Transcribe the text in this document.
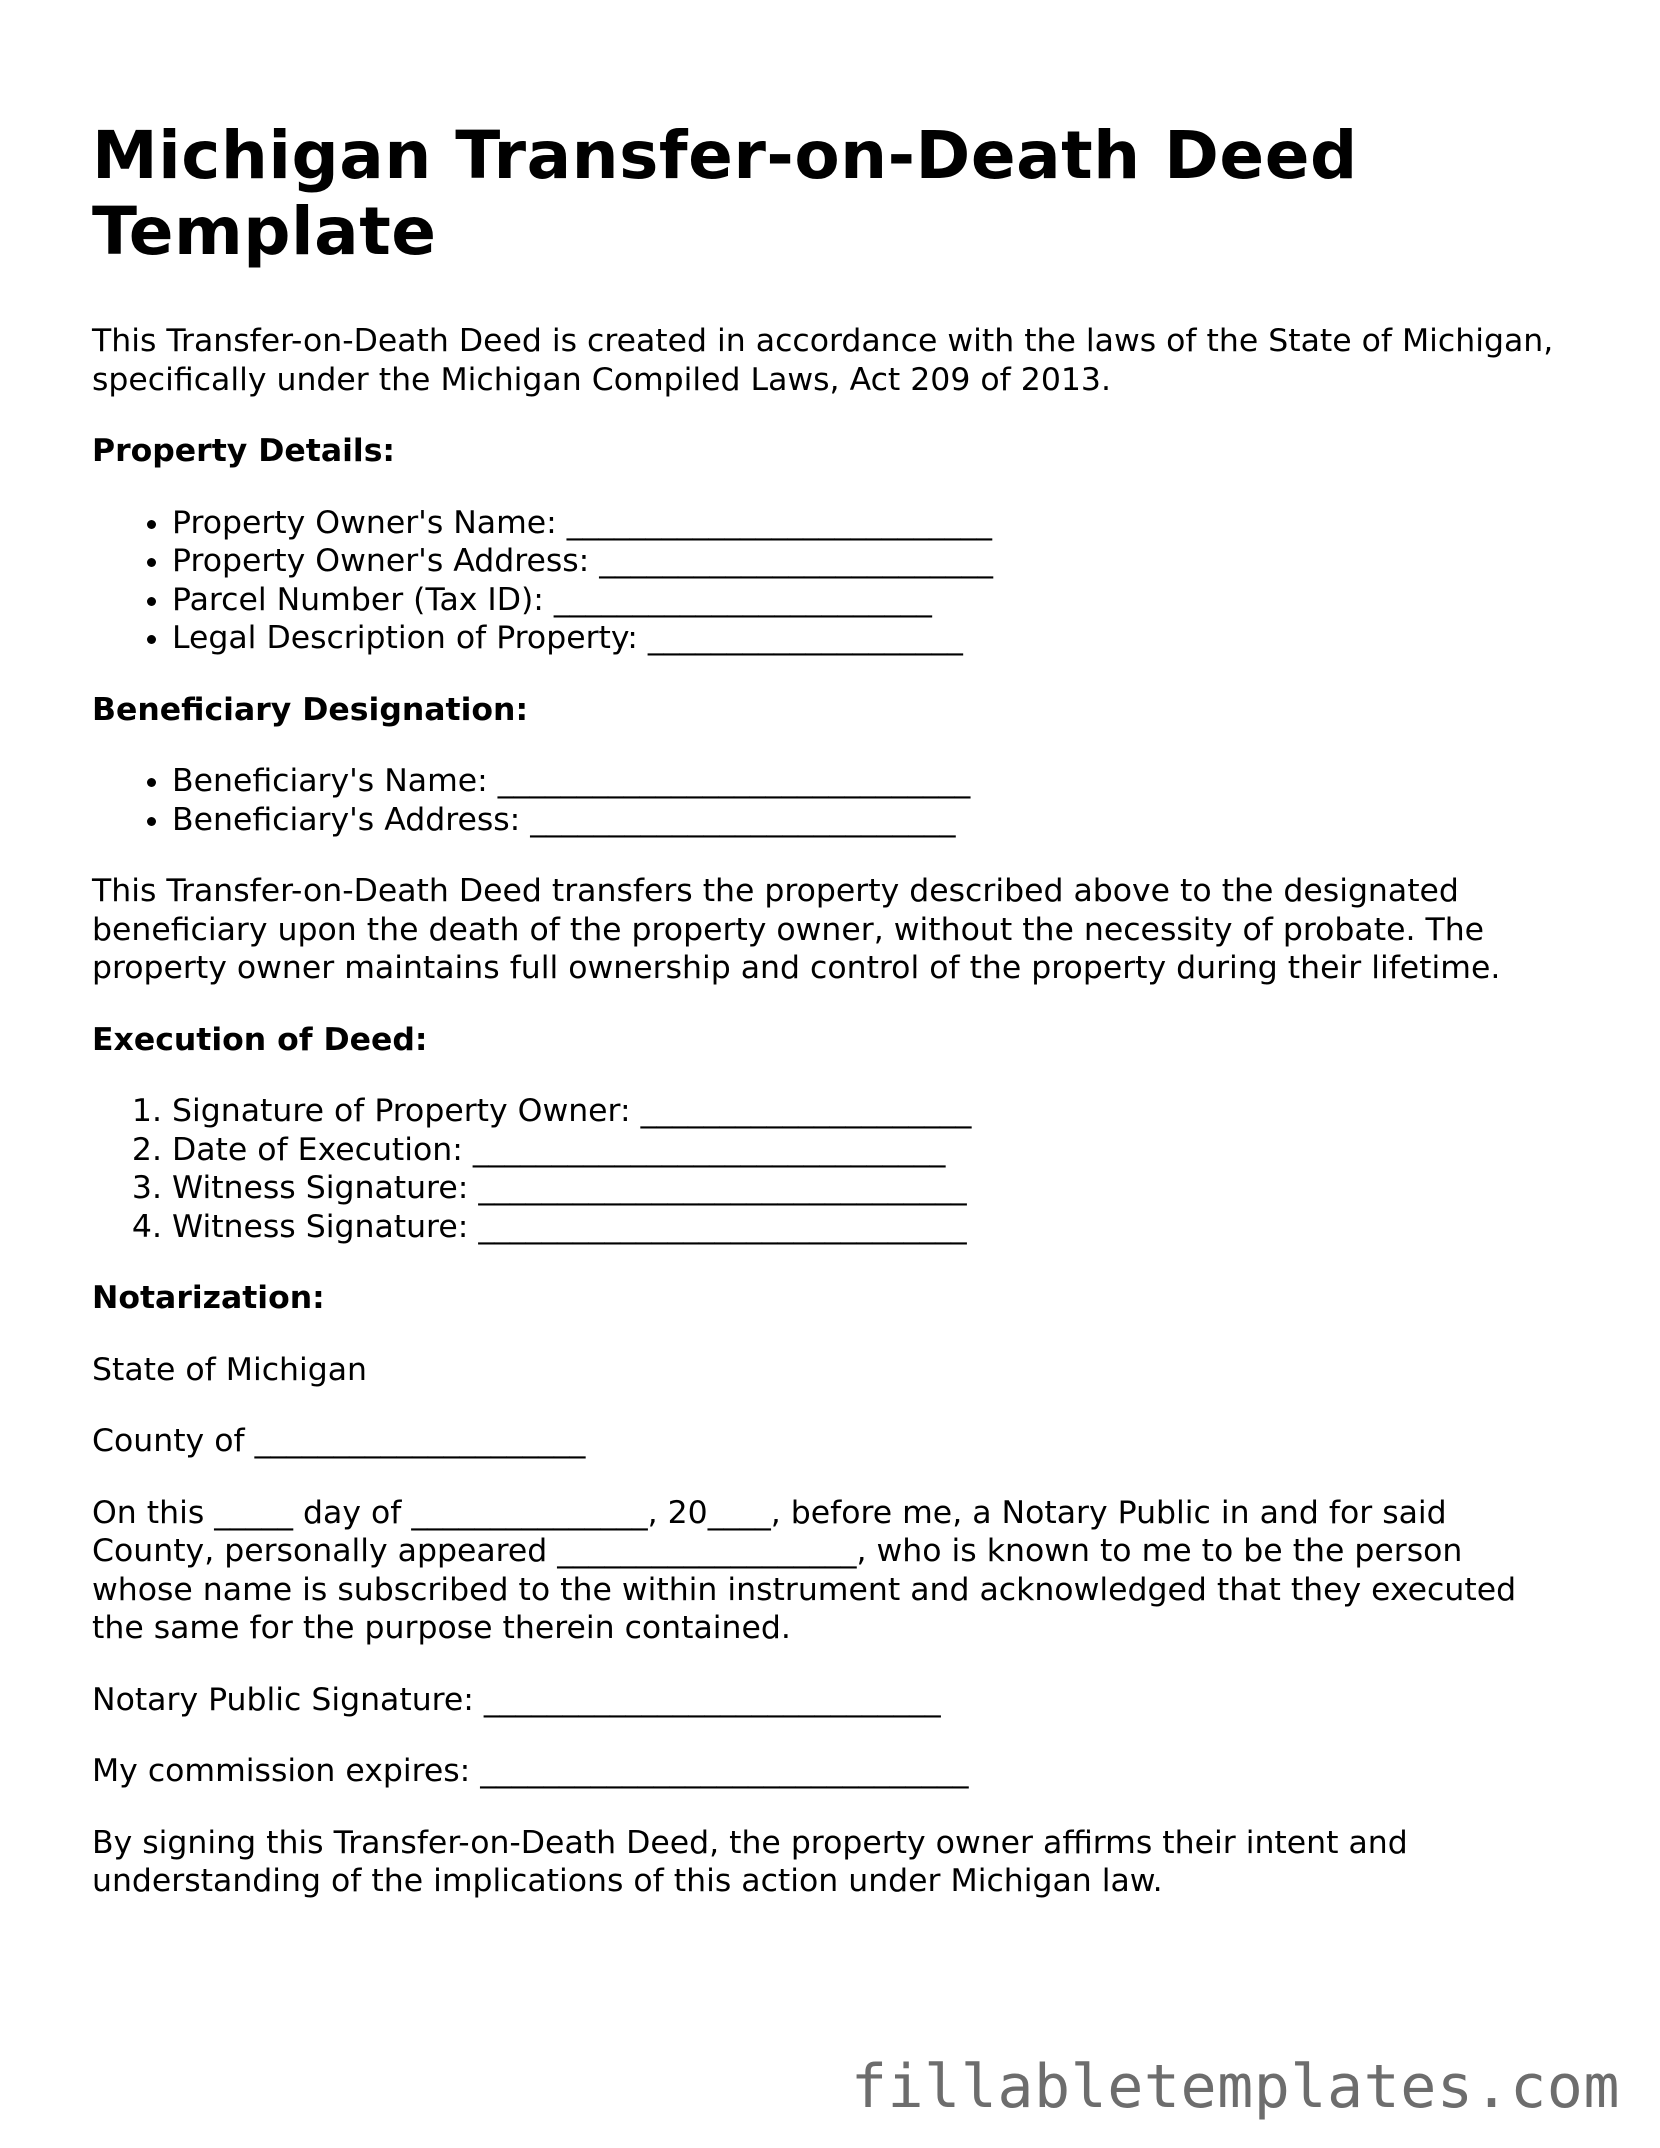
Michigan Transfer-on-Death Deed Template

This Transfer-on-Death Deed is created in accordance with the laws of the State of Michigan, specifically under the Michigan Compiled Laws, Act 209 of 2013.

Property Details:
• Property Owner's Name: ___________________________
• Property Owner's Address: _________________________
• Parcel Number (Tax ID): ________________________
• Legal Description of Property: ____________________
Beneficiary Designation:
• Beneficiary's Name: ______________________________
• Beneficiary's Address: ___________________________

This Transfer-on-Death Deed transfers the property described above to the designated beneficiary upon the death of the property owner, without the necessity of probate. The property owner maintains full ownership and control of the property during their lifetime.

Execution of Deed:
1. Signature of Property Owner: _____________________
2. Date of Execution: ______________________________
3. Witness Signature: _______________________________
4. Witness Signature: _______________________________
Notarization:

State of Michigan

County of _____________________

On this _____ day of _______________, 20____, before me, a Notary Public in and for said County, personally appeared ___________________, who is known to me to be the person whose name is subscribed to the within instrument and acknowledged that they executed the same for the purpose therein contained.

Notary Public Signature: _____________________________

My commission expires: _______________________________

By signing this Transfer-on-Death Deed, the property owner affirms their intent and understanding of the implications of this action under Michigan law.

fillabletemplates.com
